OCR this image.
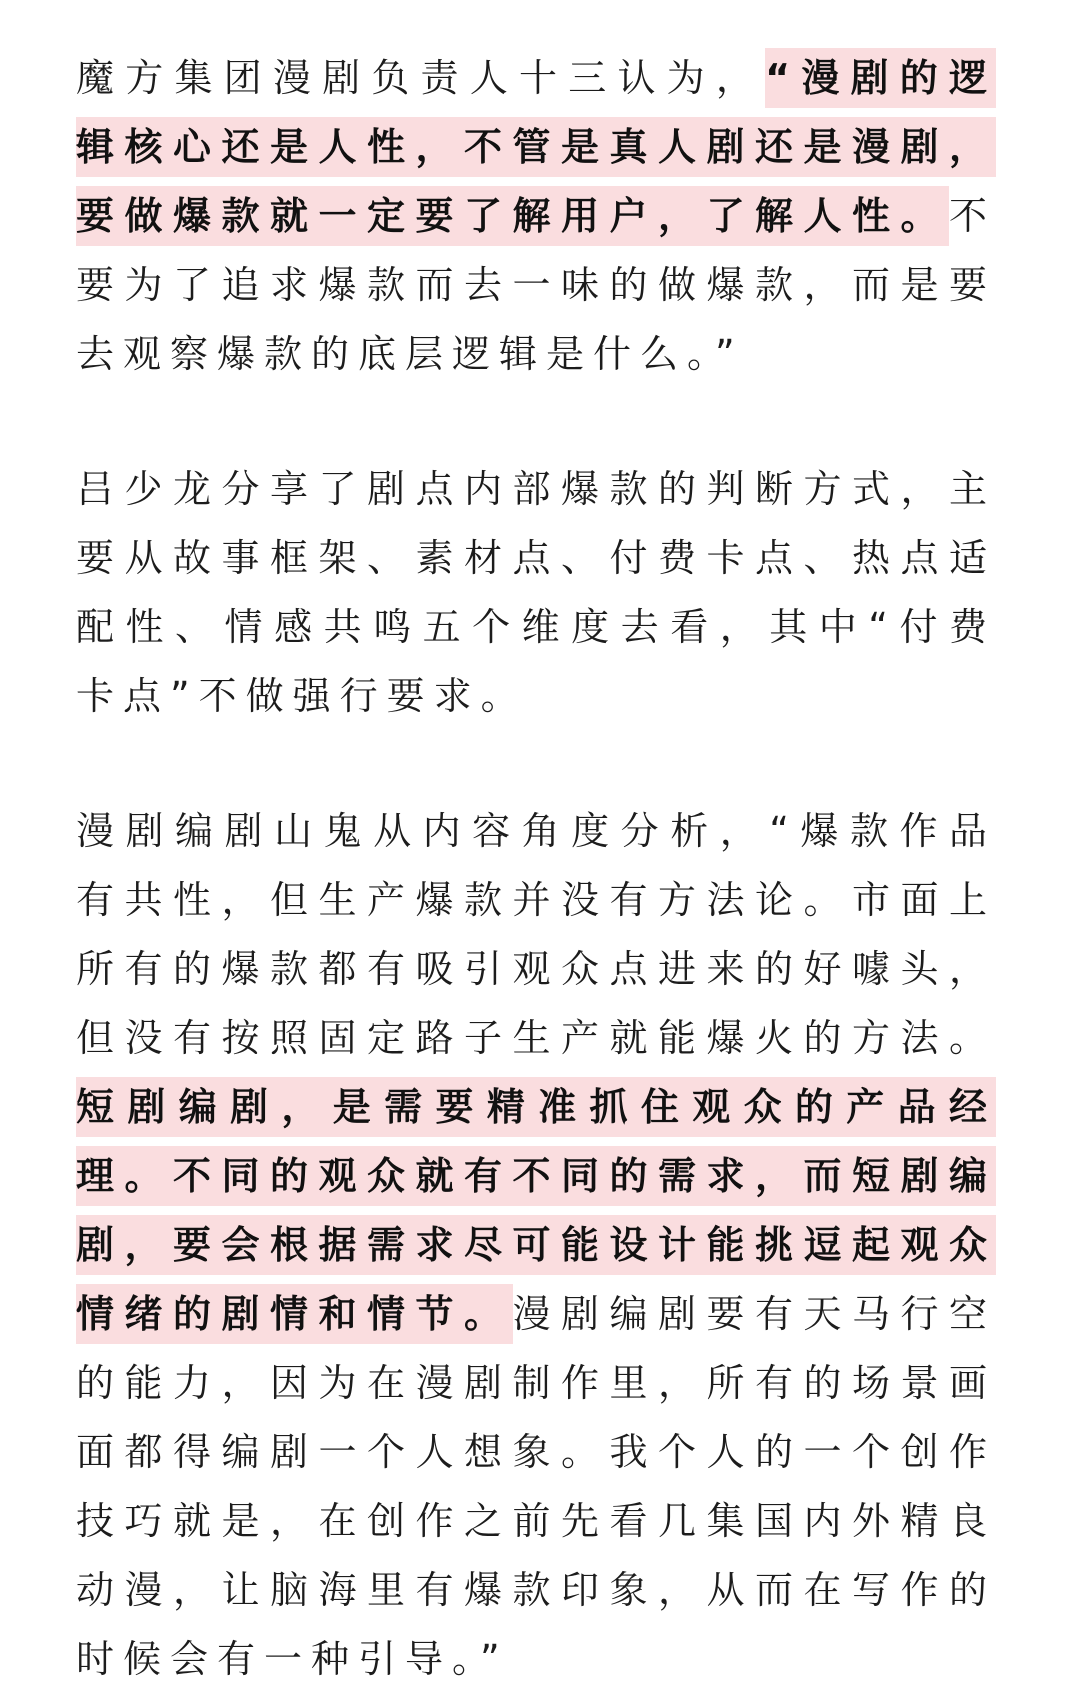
魔方集团漫剧负责人十三认为，“漫剧的逻辑核心还是人性，不管是真人剧还是漫剧，要做爆款就一定要了解用户，了解人性。不要为了追求爆款而去一味的做爆款，而是要去观察爆款的底层逻辑是什么。”

吕少龙分享了剧点内部爆款的判断方式，主要从故事框架、素材点、付费卡点、热点适配性、情感共鸣五个维度去看，其中“付费卡点”不做强行要求。

漫剧编剧山鬼从内容角度分析，“爆款作品有共性，但生产爆款并没有方法论。市面上所有的爆款都有吸引观众点进来的好噱头，但没有按照固定路子生产就能爆火的方法。短剧编剧，是需要精准抓住观众的产品经理。不同的观众就有不同的需求，而短剧编剧，要会根据需求尽可能设计能挑逗起观众情绪的剧情和情节。漫剧编剧要有天马行空的能力，因为在漫剧制作里，所有的场景画面都得编剧一个人想象。我个人的一个创作技巧就是，在创作之前先看几集国内外精良动漫，让脑海里有爆款印象，从而在写作的时候会有一种引导。”
